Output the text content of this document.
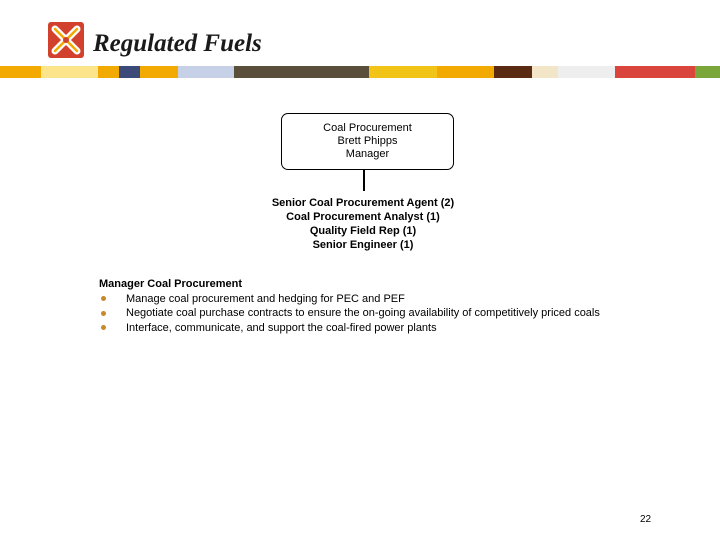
Regulated Fuels
Coal Procurement
Brett Phipps
Manager
Senior Coal Procurement Agent (2)
Coal Procurement Analyst (1)
Quality Field Rep (1)
Senior Engineer (1)
Manager Coal Procurement
Manage coal procurement and hedging for PEC and PEF
Negotiate coal purchase contracts to ensure the on-going availability of competitively priced coals
Interface, communicate, and support the coal-fired power plants
22
